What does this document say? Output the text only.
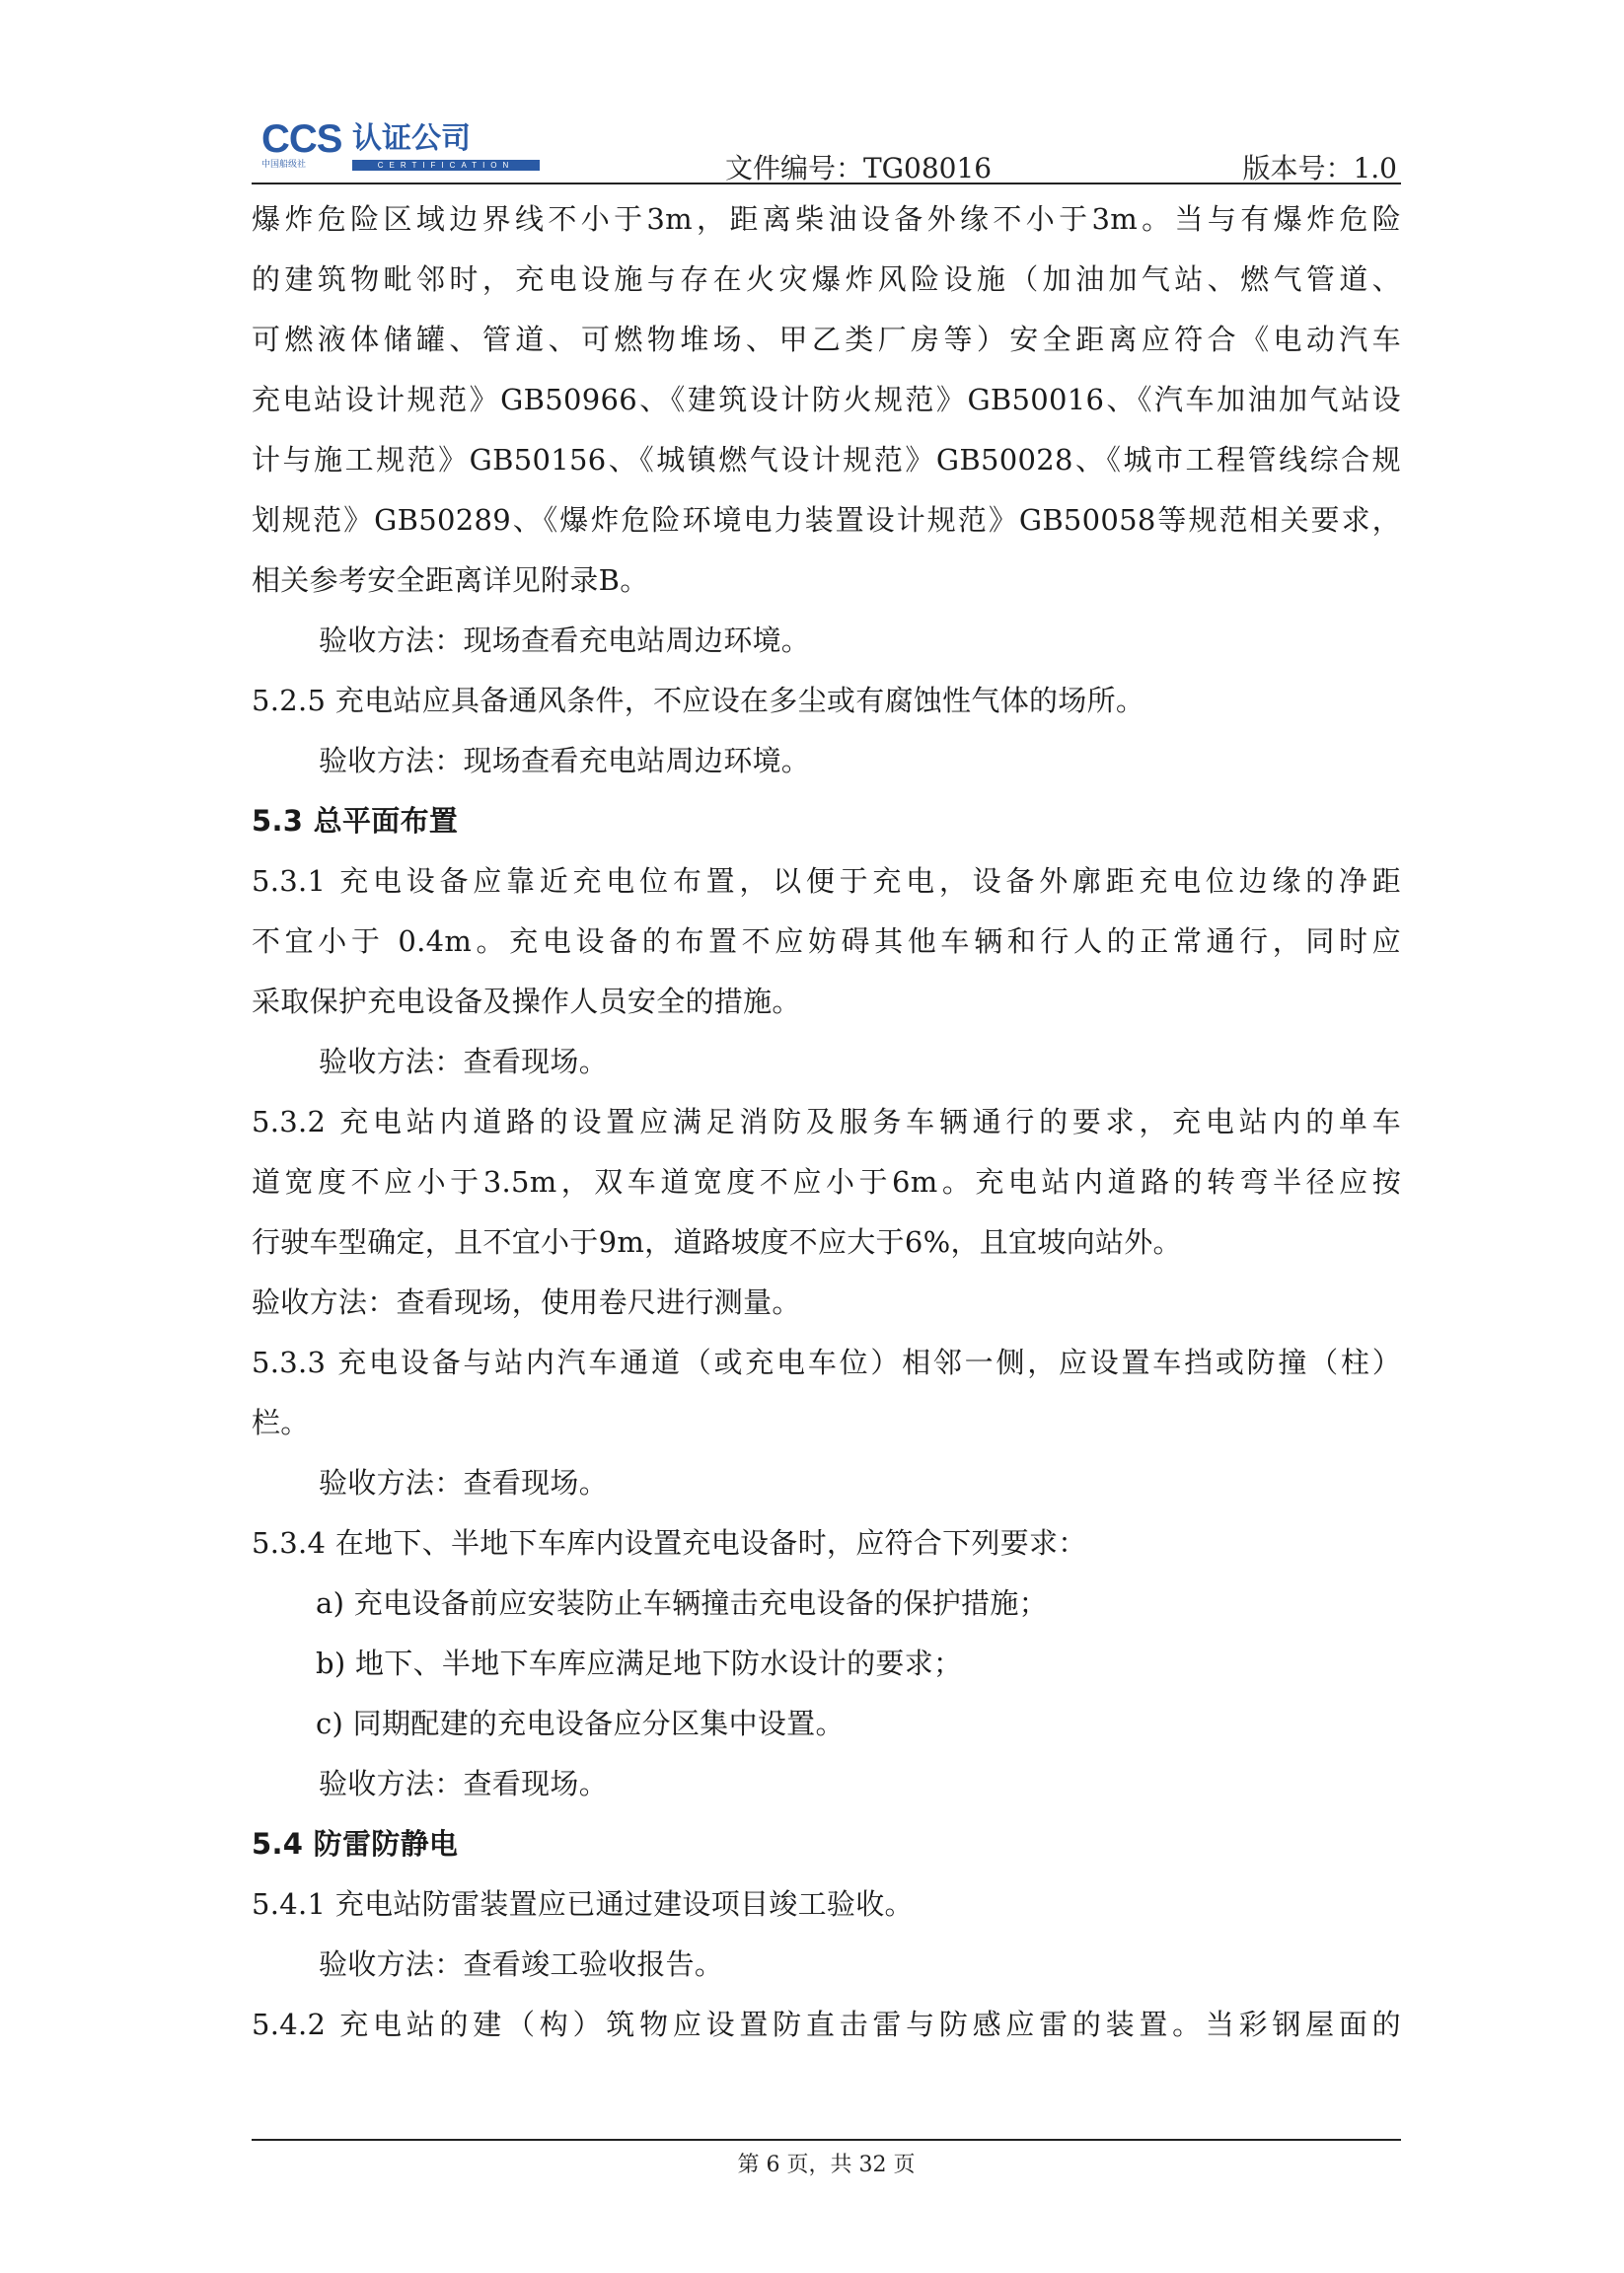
CCS 认证公司
中国船级社	CERTIFICATION	文件编号：TG08016	版本号：1.0
爆炸危险区域边界线不小于3m，距离柴油设备外缘不小于3m。当与有爆炸危险
的建筑物毗邻时，充电设施与存在火灾爆炸风险设施（加油加气站、燃气管道、
可燃液体储罐、管道、可燃物堆场、甲乙类厂房等）安全距离应符合《电动汽车
充电站设计规范》GB50966、《建筑设计防火规范》GB50016、《汽车加油加气站设
计与施工规范》GB50156、《城镇燃气设计规范》GB50028、《城市工程管线综合规
划规范》GB50289、《爆炸危险环境电力装置设计规范》GB50058等规范相关要求，
相关参考安全距离详见附录B。
验收方法：现场查看充电站周边环境。
5.2.5 充电站应具备通风条件，不应设在多尘或有腐蚀性气体的场所。
验收方法：现场查看充电站周边环境。
5.3 总平面布置
5.3.1 充电设备应靠近充电位布置，以便于充电，设备外廓距充电位边缘的净距
不宜小于 0.4m。充电设备的布置不应妨碍其他车辆和行人的正常通行，同时应
采取保护充电设备及操作人员安全的措施。
验收方法：查看现场。
5.3.2 充电站内道路的设置应满足消防及服务车辆通行的要求，充电站内的单车
道宽度不应小于3.5m，双车道宽度不应小于6m。充电站内道路的转弯半径应按
行驶车型确定，且不宜小于9m，道路坡度不应大于6%，且宜坡向站外。
验收方法：查看现场，使用卷尺进行测量。
5.3.3 充电设备与站内汽车通道（或充电车位）相邻一侧，应设置车挡或防撞（柱）
栏。
验收方法：查看现场。
5.3.4 在地下、半地下车库内设置充电设备时，应符合下列要求：
a) 充电设备前应安装防止车辆撞击充电设备的保护措施；
b) 地下、半地下车库应满足地下防水设计的要求；
c) 同期配建的充电设备应分区集中设置。
验收方法：查看现场。
5.4 防雷防静电
5.4.1 充电站防雷装置应已通过建设项目竣工验收。
验收方法：查看竣工验收报告。
5.4.2 充电站的建（构）筑物应设置防直击雷与防感应雷的装置。当彩钢屋面的
第 6 页，共 32 页
